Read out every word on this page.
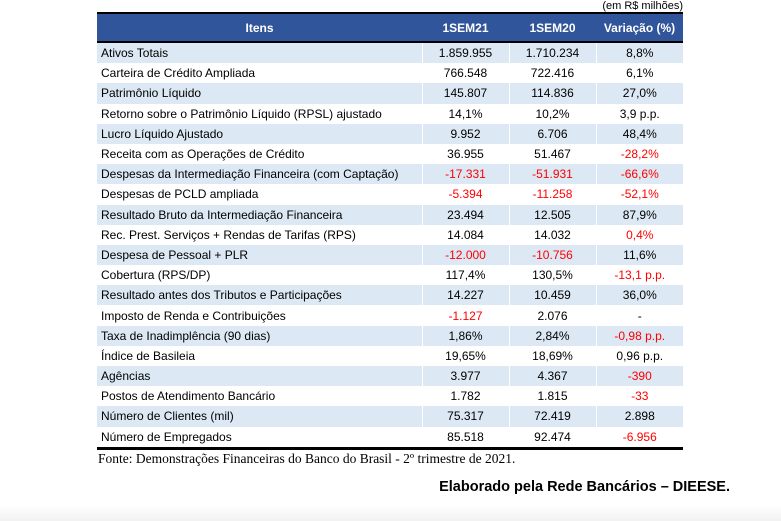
(em R$ milhões)
Itens	1SEM21	1SEM20	Variação (%)
Ativos Totais	1.859.955	1.710.234	8,8%
Carteira de Crédito Ampliada	766.548	722.416	6,1%
Patrimônio Líquido	145.807	114.836	27,0%
Retorno sobre o Patrimônio Líquido (RPSL) ajustado	14,1%	10,2%	3,9 p.p.
Lucro Líquido Ajustado	9.952	6.706	48,4%
Receita com as Operações de Crédito	36.955	51.467	-28,2%
Despesas da Intermediação Financeira (com Captação)	-17.331	-51.931	-66,6%
Despesas de PCLD ampliada	-5.394	-11.258	-52,1%
Resultado Bruto da Intermediação Financeira	23.494	12.505	87,9%
Rec. Prest. Serviços + Rendas de Tarifas (RPS)	14.084	14.032	0,4%
Despesa de Pessoal + PLR	-12.000	-10.756	11,6%
Cobertura (RPS/DP)	117,4%	130,5%	-13,1 p.p.
Resultado antes dos Tributos e Participações	14.227	10.459	36,0%
Imposto de Renda e Contribuições	-1.127	2.076	-
Taxa de Inadimplência (90 dias)	1,86%	2,84%	-0,98 p.p.
Índice de Basileia	19,65%	18,69%	0,96 p.p.
Agências	3.977	4.367	-390
Postos de Atendimento Bancário	1.782	1.815	-33
Número de Clientes (mil)	75.317	72.419	2.898
Número de Empregados	85.518	92.474	-6.956
Fonte: Demonstrações Financeiras do Banco do Brasil - 2º trimestre de 2021.
Elaborado pela Rede Bancários – DIEESE.
